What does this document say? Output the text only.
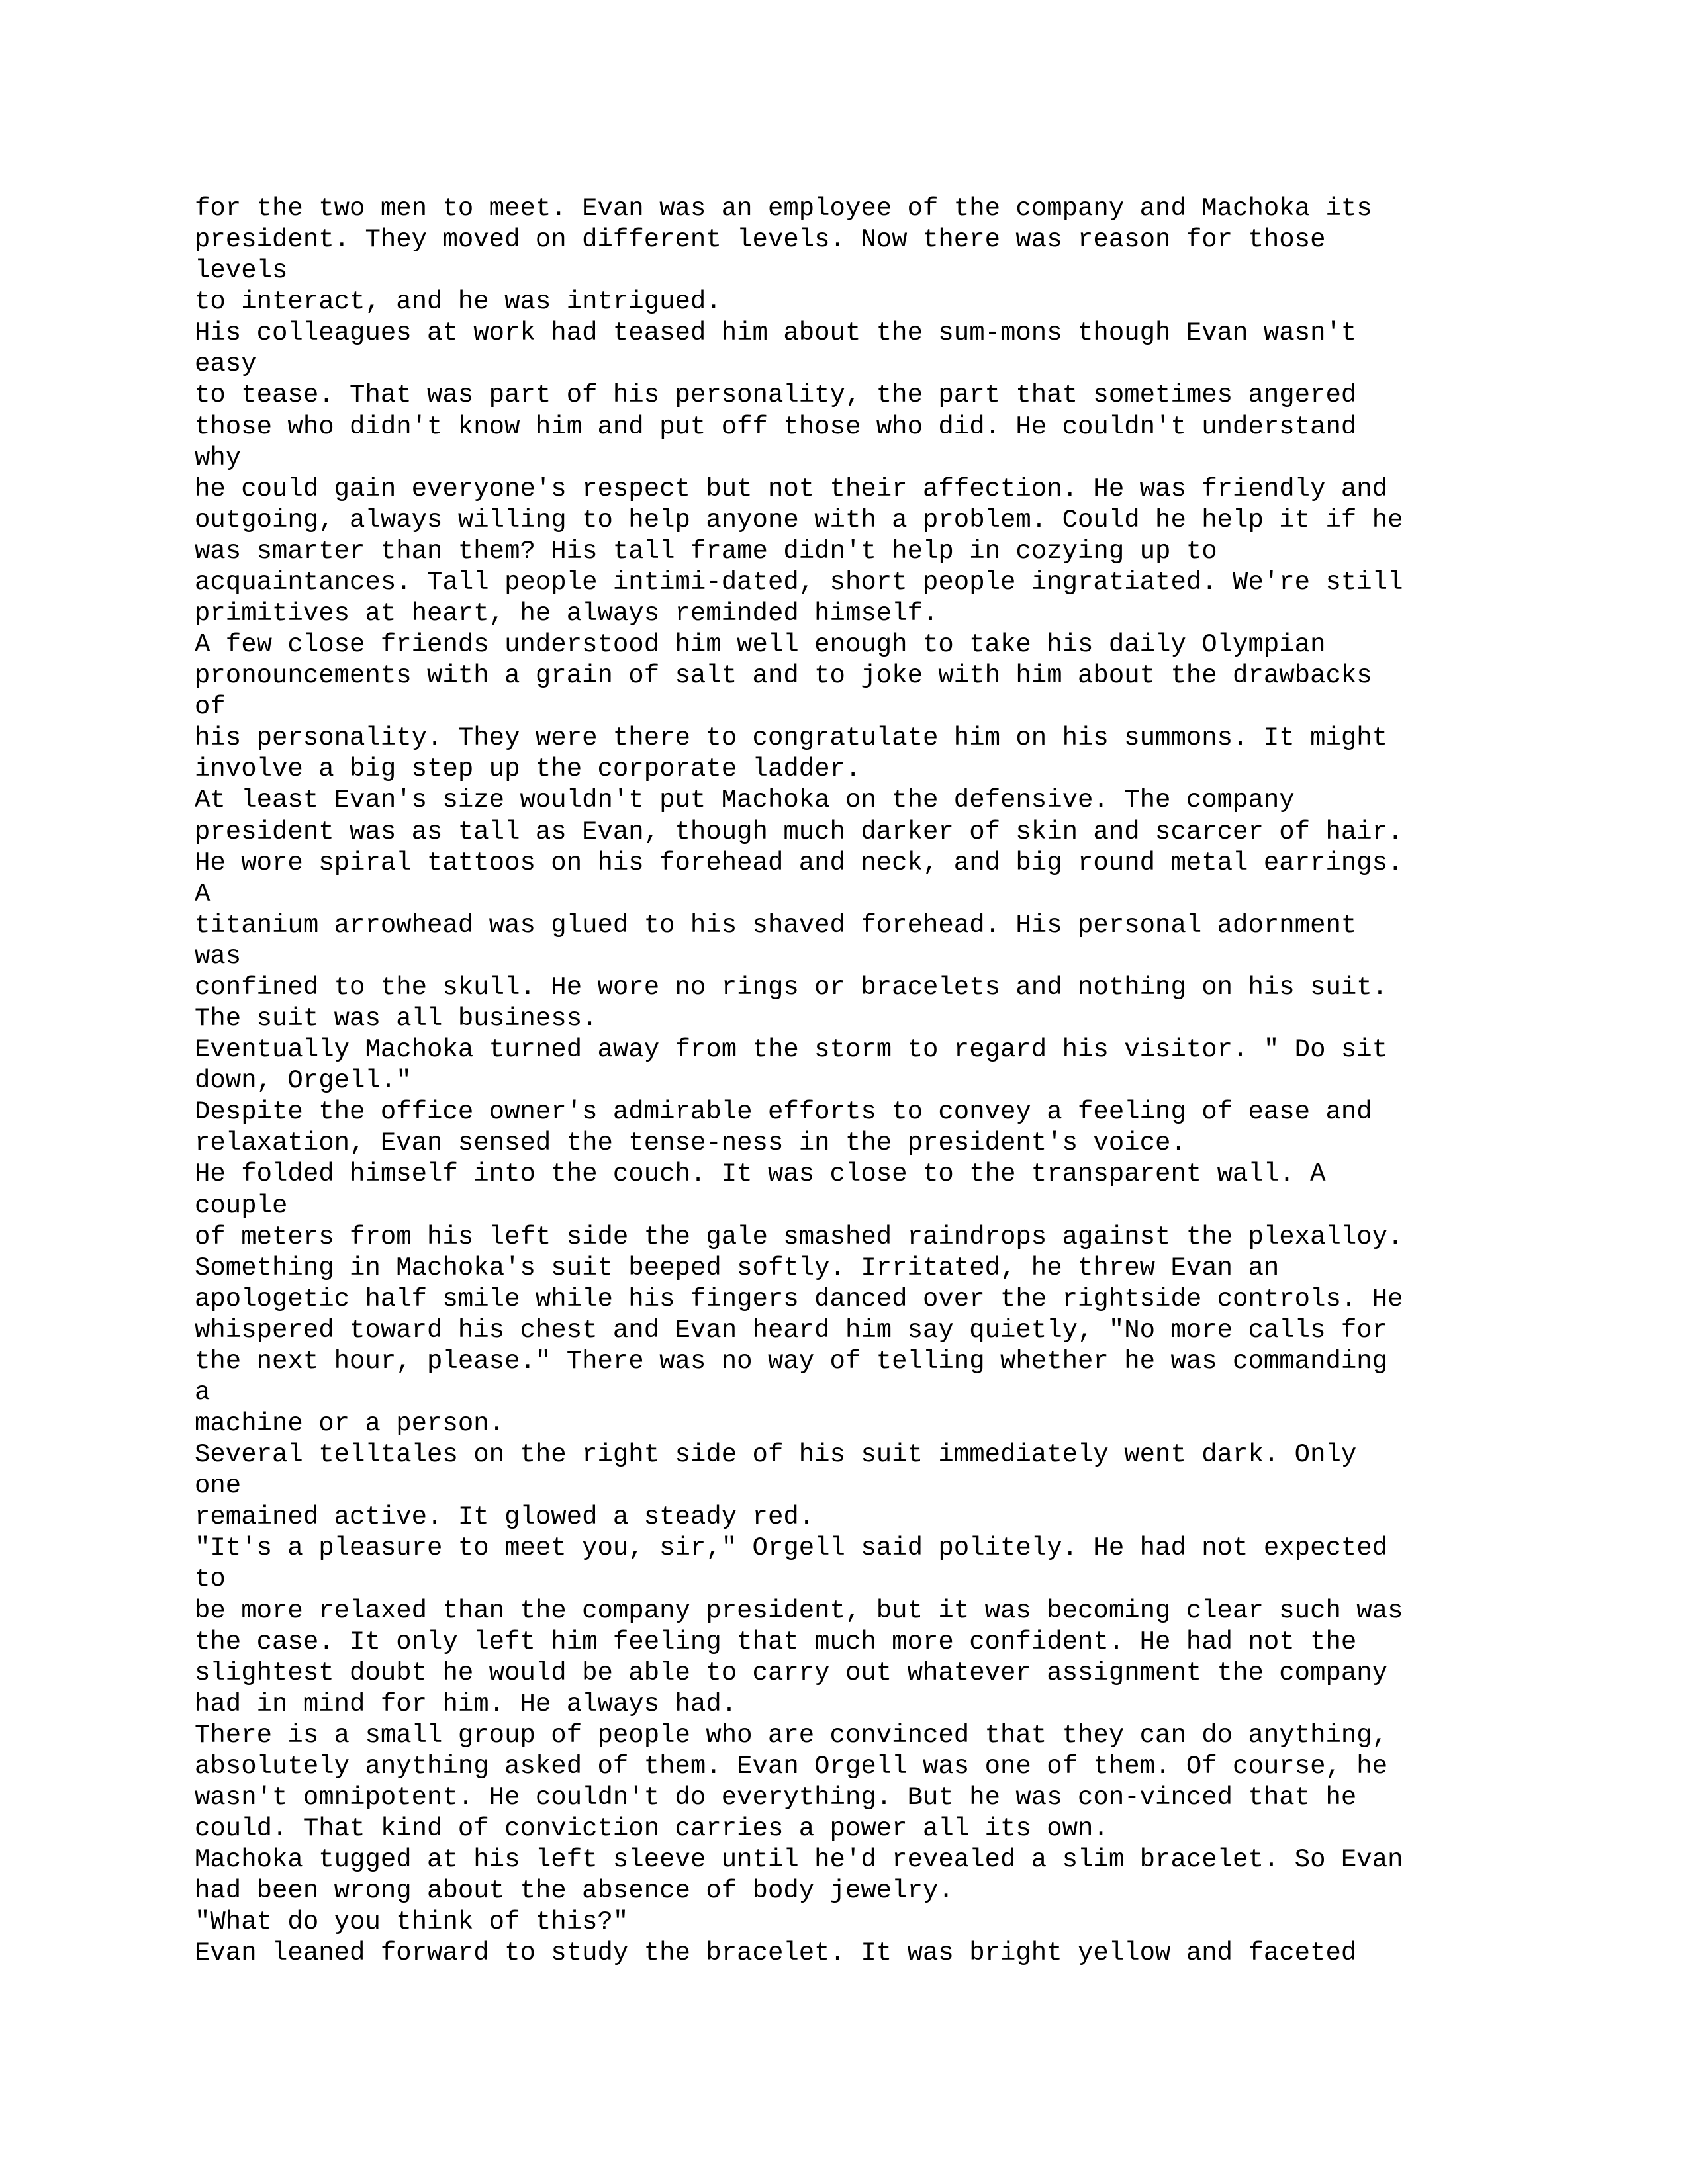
for the two men to meet. Evan was an employee of the company and Machoka its
president. They moved on different levels. Now there was reason for those
levels
to interact, and he was intrigued.
His colleagues at work had teased him about the sum-mons though Evan wasn't
easy
to tease. That was part of his personality, the part that sometimes angered
those who didn't know him and put off those who did. He couldn't understand
why
he could gain everyone's respect but not their affection. He was friendly and
outgoing, always willing to help anyone with a problem. Could he help it if he
was smarter than them? His tall frame didn't help in cozying up to
acquaintances. Tall people intimi-dated, short people ingratiated. We're still
primitives at heart, he always reminded himself.
A few close friends understood him well enough to take his daily Olympian
pronouncements with a grain of salt and to joke with him about the drawbacks
of
his personality. They were there to congratulate him on his summons. It might
involve a big step up the corporate ladder.
At least Evan's size wouldn't put Machoka on the defensive. The company
president was as tall as Evan, though much darker of skin and scarcer of hair.
He wore spiral tattoos on his forehead and neck, and big round metal earrings.
A
titanium arrowhead was glued to his shaved forehead. His personal adornment
was
confined to the skull. He wore no rings or bracelets and nothing on his suit.
The suit was all business.
Eventually Machoka turned away from the storm to regard his visitor. " Do sit
down, Orgell."
Despite the office owner's admirable efforts to convey a feeling of ease and
relaxation, Evan sensed the tense-ness in the president's voice.
He folded himself into the couch. It was close to the transparent wall. A
couple
of meters from his left side the gale smashed raindrops against the plexalloy.
Something in Machoka's suit beeped softly. Irritated, he threw Evan an
apologetic half smile while his fingers danced over the rightside controls. He
whispered toward his chest and Evan heard him say quietly, "No more calls for
the next hour, please." There was no way of telling whether he was commanding
a
machine or a person.
Several telltales on the right side of his suit immediately went dark. Only
one
remained active. It glowed a steady red.
"It's a pleasure to meet you, sir," Orgell said politely. He had not expected
to
be more relaxed than the company president, but it was becoming clear such was
the case. It only left him feeling that much more confident. He had not the
slightest doubt he would be able to carry out whatever assignment the company
had in mind for him. He always had.
There is a small group of people who are convinced that they can do anything,
absolutely anything asked of them. Evan Orgell was one of them. Of course, he
wasn't omnipotent. He couldn't do everything. But he was con-vinced that he
could. That kind of conviction carries a power all its own.
Machoka tugged at his left sleeve until he'd revealed a slim bracelet. So Evan
had been wrong about the absence of body jewelry.
"What do you think of this?"
Evan leaned forward to study the bracelet. It was bright yellow and faceted
